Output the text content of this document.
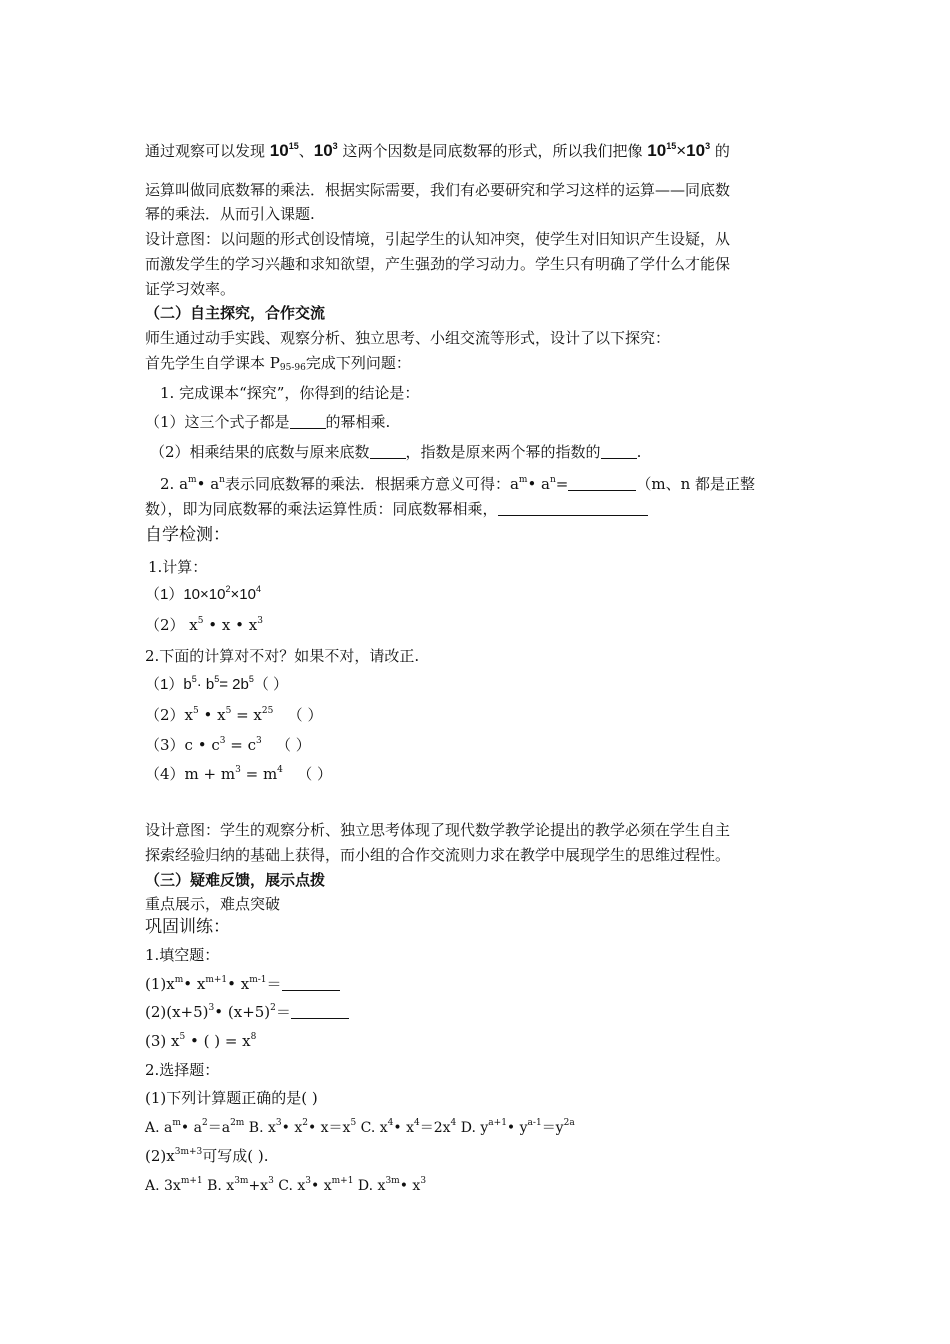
通过观察可以发现 $10^{15}$、$10^3$ 这两个因数是同底数幂的形式，所以我们把像 $10^{15}\times 10^3$ 的
运算叫做同底数幂的乘法．根据实际需要，我们有必要研究和学习这样的运算——同底数
幂的乘法．从而引入课题.
设计意图：以问题的形式创设情境，引起学生的认知冲突，使学生对旧知识产生设疑，从
而激发学生的学习兴趣和求知欲望，产生强劲的学习动力。学生只有明确了学什么才能保
证学习效率。
（二）自主探究，合作交流
师生通过动手实践、观察分析、独立思考、小组交流等形式，设计了以下探究：
首先学生自学课本 P95-96完成下列问题：
1. 完成课本“探究”，你得到的结论是：
（1）这三个式子都是 的幂相乘.
（2）相乘结果的底数与原来底数 ，指数是原来两个幂的指数的 .
2. $a^m•$ $a^n$表示同底数幂的乘法．根据乘方意义可得：$a^m•$ $a^n=$	（m、n 都是正整
数），即为同底数幂的乘法运算性质：同底数幂相乘，
自学检测：
1.计算：
$(1)10\times 10^2\times 10^4$
（2） $x^5$ • x • $x^3$
2.下面的计算对不对？如果不对，请改正.
$(1)b^5\cdot b^5= 2b^5$（ ）
$(2)x^5$ • $x^5 = x^{25}$ （ ）
（3）c • $c^3 = c^3$ （ ）
$(4)m + m^3 = m^4$ （ ）
设计意图：学生的观察分析、独立思考体现了现代数学教学论提出的教学必须在学生自主
探索经验归纳的基础上获得，而小组的合作交流则力求在教学中展现学生的思维过程性。
（三）疑难反馈，展示点拨
重点展示，难点突破
巩固训练：
1.填空题：
$(1)x^m•$ $x^{m+1}•$ $x^{m-1}=$
$(2)(x+5)^3•$ $(x+5)^2=$
(3) $x^5$ • ( ) = $x^8$
2.选择题：
(1)下列计算题正确的是( )
A. $a^m•$ $a^2=a^{2m}$ B. $x^3•$ $x^2•$ $x=x^5$ C. $x^4•$ $x^4=2x^4$ D. $y^{a+1}•$ $y^{a-1}=y^{2a}$
$(2)x^{3m+3}$可写成( ).
A. $3x^{m+1}$ B. $x^{3m}+x^3$ C. $x^3•$ $x^{m+1}$ D. $x^{3m}•$ $x^3$
